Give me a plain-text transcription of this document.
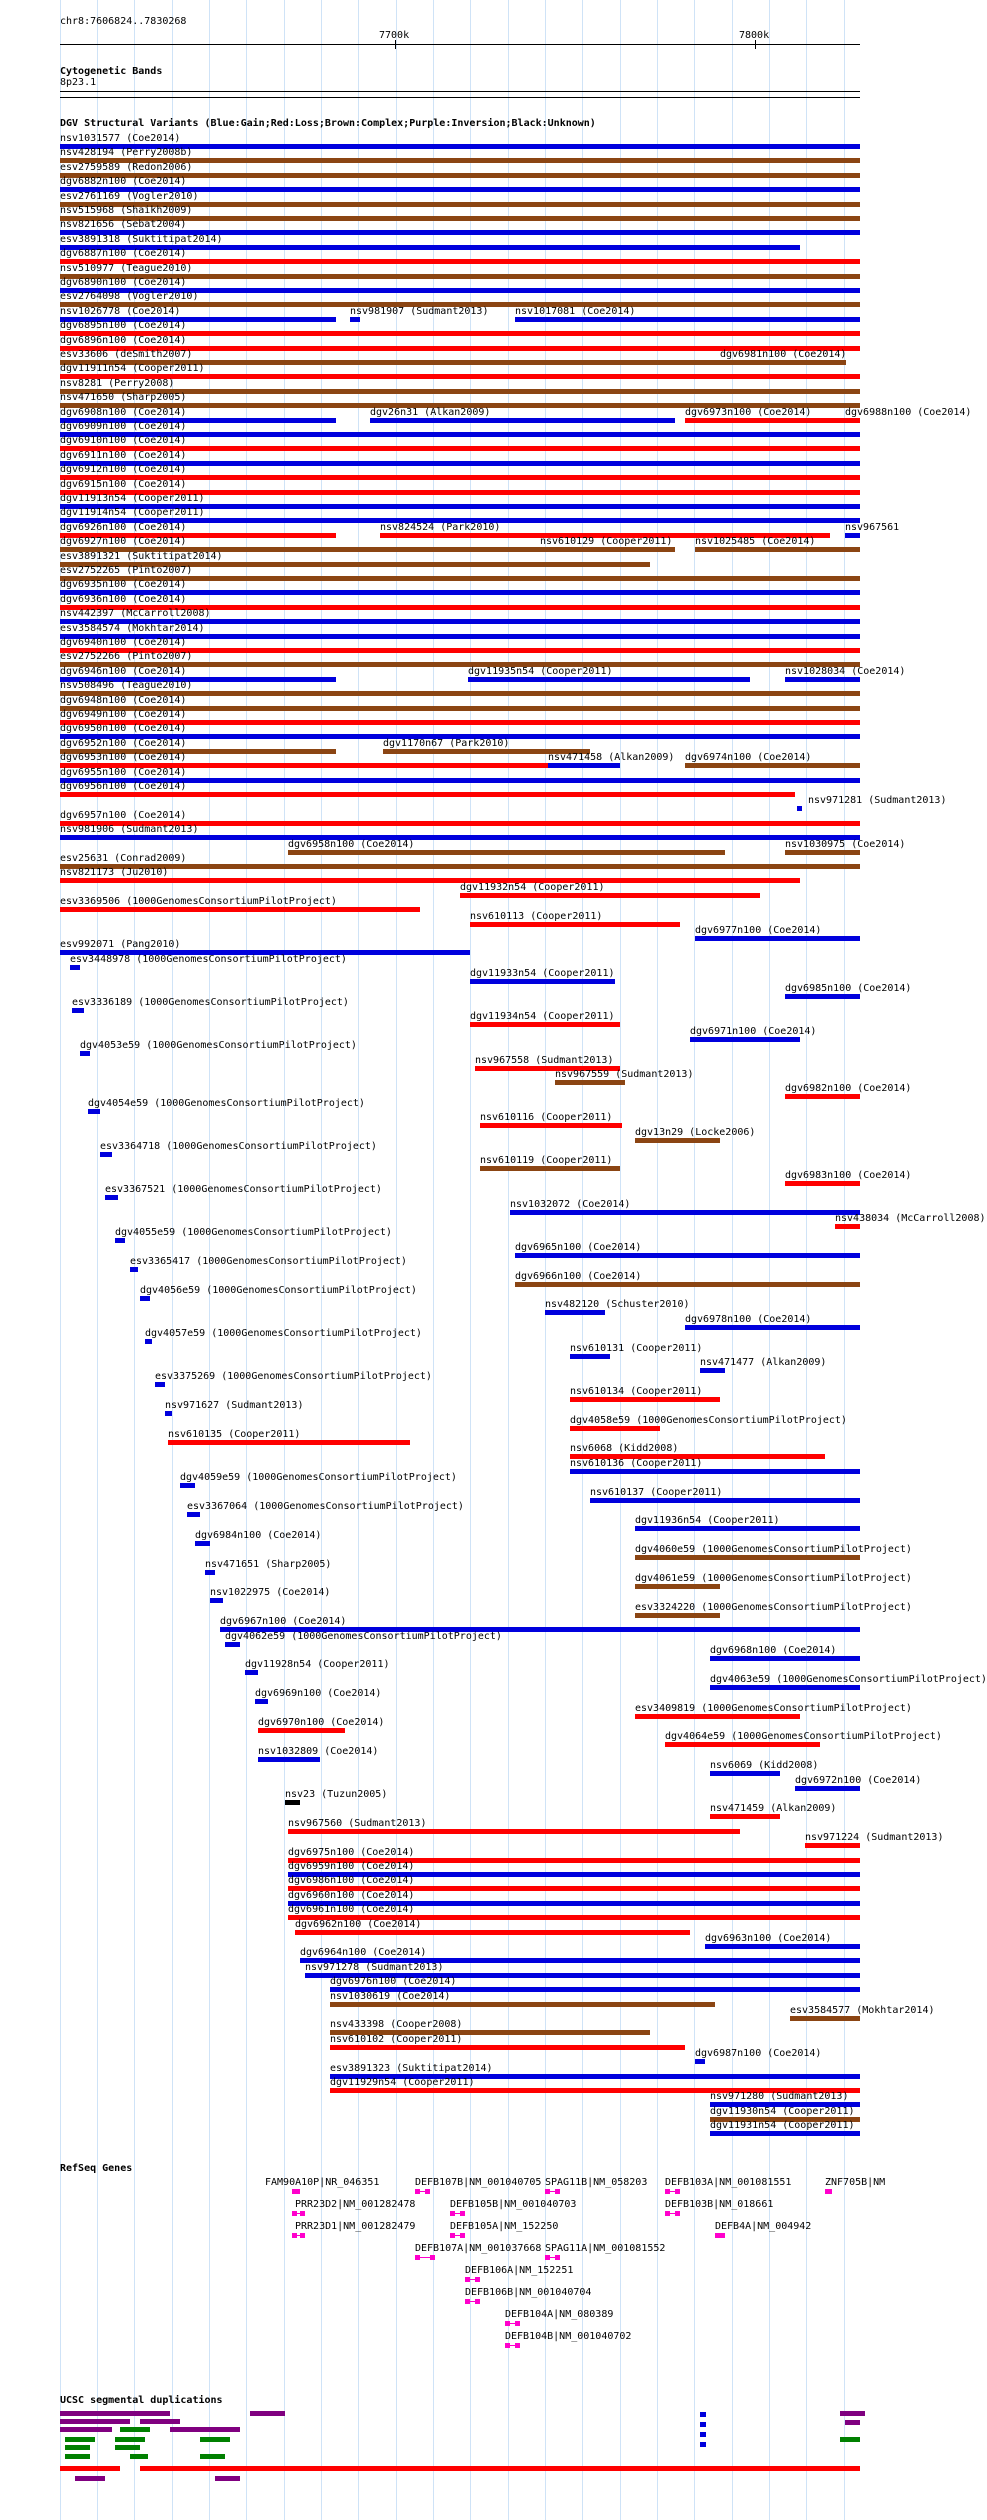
chr8:7606824..7830268
7700k	7800k
Cytogenetic Bands
8p23.1
DGV Structural Variants (Blue:Gain;Red:Loss;Brown:Complex;Purple:Inversion;Black:Unknown)
nsv1031577 (Coe2014)
nsv428194 (Perry2008b)
esv2759589 (Redon2006)
dgv6882n100 (Coe2014)
esv2761169 (Vogler2010)
nsv515968 (Shaikh2009)
nsv821656 (Sebat2004)
esv3891318 (Suktitipat2014)
dgv6887n100 (Coe2014)
nsv510977 (Teague2010)
dgv6890n100 (Coe2014)
esv2764098 (Vogler2010)
nsv1026778 (Coe2014)	nsv981907 (Sudmant2013)	nsv1017081 (Coe2014)
dgv6895n100 (Coe2014)
dgv6896n100 (Coe2014)
esv33606 (deSmith2007)	dgv6981n100 (Coe2014)
dgv11911n54 (Cooper2011)
nsv8281 (Perry2008)
nsv471650 (Sharp2005)
dgv6908n100 (Coe2014)	dgv26n31 (Alkan2009)	dgv6973n100 (Coe2014)	dgv6988n100 (Coe2014)
dgv6909n100 (Coe2014)
dgv6910n100 (Coe2014)
dgv6911n100 (Coe2014)
dgv6912n100 (Coe2014)
dgv6915n100 (Coe2014)
dgv11913n54 (Cooper2011)
dgv11914n54 (Cooper2011)
dgv6926n100 (Coe2014)	nsv824524 (Park2010)	nsv967561
dgv6927n100 (Coe2014)	nsv610129 (Cooper2011) nsv1025485 (Coe2014)
esv3891321 (Suktitipat2014)
esv2752265 (Pinto2007)
dgv6935n100 (Coe2014)
dgv6936n100 (Coe2014)
nsv442397 (McCarroll2008)
esv3584574 (Mokhtar2014)
dgv6940n100 (Coe2014)
esv2752266 (Pinto2007)
dgv6946n100 (Coe2014)	dgv11935n54 (Cooper2011)	nsv1028034 (Coe2014)
nsv508496 (Teague2010)
dgv6948n100 (Coe2014)
dgv6949n100 (Coe2014)
dgv6950n100 (Coe2014)
dgv6952n100 (Coe2014)	dgv1170n67 (Park2010)
dgv6953n100 (Coe2014)	nsv471458 (Alkan2009) dgv6974n100 (Coe2014)
dgv6955n100 (Coe2014)
dgv6956n100 (Coe2014)
nsv971281 (Sudmant2013)
dgv6957n100 (Coe2014)
nsv981906 (Sudmant2013)
dgv6958n100 (Coe2014)	nsv1030975 (Coe2014)
esv25631 (Conrad2009)
nsv821173 (Ju2010)
dgv11932n54 (Cooper2011)
esv3369506 (1000GenomesConsortiumPilotProject)
nsv610113 (Cooper2011)
dgv6977n100 (Coe2014)
esv992071 (Pang2010)
esv3448978 (1000GenomesConsortiumPilotProject)
dgv11933n54 (Cooper2011)
dgv6985n100 (Coe2014)
esv3336189 (1000GenomesConsortiumPilotProject)
dgv11934n54 (Cooper2011)
dgv6971n100 (Coe2014)
dgv4053e59 (1000GenomesConsortiumPilotProject)
nsv967558 (Sudmant2013)
nsv967559 (Sudmant2013)
dgv6982n100 (Coe2014)
dgv4054e59 (1000GenomesConsortiumPilotProject)
nsv610116 (Cooper2011)
dgv13n29 (Locke2006)
esv3364718 (1000GenomesConsortiumPilotProject)
nsv610119 (Cooper2011)
dgv6983n100 (Coe2014)
esv3367521 (1000GenomesConsortiumPilotProject)
nsv1032072 (Coe2014)
nsv438034 (McCarroll2008)
dgv4055e59 (1000GenomesConsortiumPilotProject)
dgv6965n100 (Coe2014)
esv3365417 (1000GenomesConsortiumPilotProject)
dgv6966n100 (Coe2014)
dgv4056e59 (1000GenomesConsortiumPilotProject)
nsv482120 (Schuster2010)
dgv6978n100 (Coe2014)
dgv4057e59 (1000GenomesConsortiumPilotProject)
nsv610131 (Cooper2011)
nsv471477 (Alkan2009)
esv3375269 (1000GenomesConsortiumPilotProject)
nsv610134 (Cooper2011)
nsv971627 (Sudmant2013)
dgv4058e59 (1000GenomesConsortiumPilotProject)
nsv610135 (Cooper2011)
nsv6068 (Kidd2008)
nsv610136 (Cooper2011)
dgv4059e59 (1000GenomesConsortiumPilotProject)
nsv610137 (Cooper2011)
esv3367064 (1000GenomesConsortiumPilotProject)
dgv11936n54 (Cooper2011)
dgv6984n100 (Coe2014)
dgv4060e59 (1000GenomesConsortiumPilotProject)
nsv471651 (Sharp2005)
dgv4061e59 (1000GenomesConsortiumPilotProject)
nsv1022975 (Coe2014)
esv3324220 (1000GenomesConsortiumPilotProject)
dgv6967n100 (Coe2014)
dgv4062e59 (1000GenomesConsortiumPilotProject)
dgv6968n100 (Coe2014)
dgv11928n54 (Cooper2011)
dgv4063e59 (1000GenomesConsortiumPilotProject)
dgv6969n100 (Coe2014)
esv3409819 (1000GenomesConsortiumPilotProject)
dgv6970n100 (Coe2014)
dgv4064e59 (1000GenomesConsortiumPilotProject)
nsv1032809 (Coe2014)
nsv6069 (Kidd2008)
dgv6972n100 (Coe2014)
nsv23 (Tuzun2005)
nsv471459 (Alkan2009)
nsv967560 (Sudmant2013)
nsv971224 (Sudmant2013)
dgv6975n100 (Coe2014)
dgv6959n100 (Coe2014)
dgv6986n100 (Coe2014)
dgv6960n100 (Coe2014)
dgv6961n100 (Coe2014)
dgv6962n100 (Coe2014)
dgv6963n100 (Coe2014)
dgv6964n100 (Coe2014)
nsv971278 (Sudmant2013)
dgv6976n100 (Coe2014)
nsv1030619 (Coe2014)
esv3584577 (Mokhtar2014)
nsv433398 (Cooper2008)
nsv610102 (Cooper2011)
dgv6987n100 (Coe2014)
esv3891323 (Suktitipat2014)
dgv11929n54 (Cooper2011)
nsv971280 (Sudmant2013)
dgv11930n54 (Cooper2011)
dgv11931n54 (Cooper2011)
RefSeq Genes
FAM90A10P|NR_046351	DEFB107B|NM_001040705 SPAG11B|NM_058203 DEFB103A|NM_001081551	ZNF705B|NM
PRR23D2|NM_001282478	DEFB105B|NM_001040703	DEFB103B|NM_018661
PRR23D1|NM_001282479	DEFB105A|NM_152250	DEFB4A|NM_004942
DEFB107A|NM_001037668 SPAG11A|NM_001081552
DEFB106A|NM_152251
DEFB106B|NM_001040704
DEFB104A|NM_080389
DEFB104B|NM_001040702
UCSC segmental duplications
